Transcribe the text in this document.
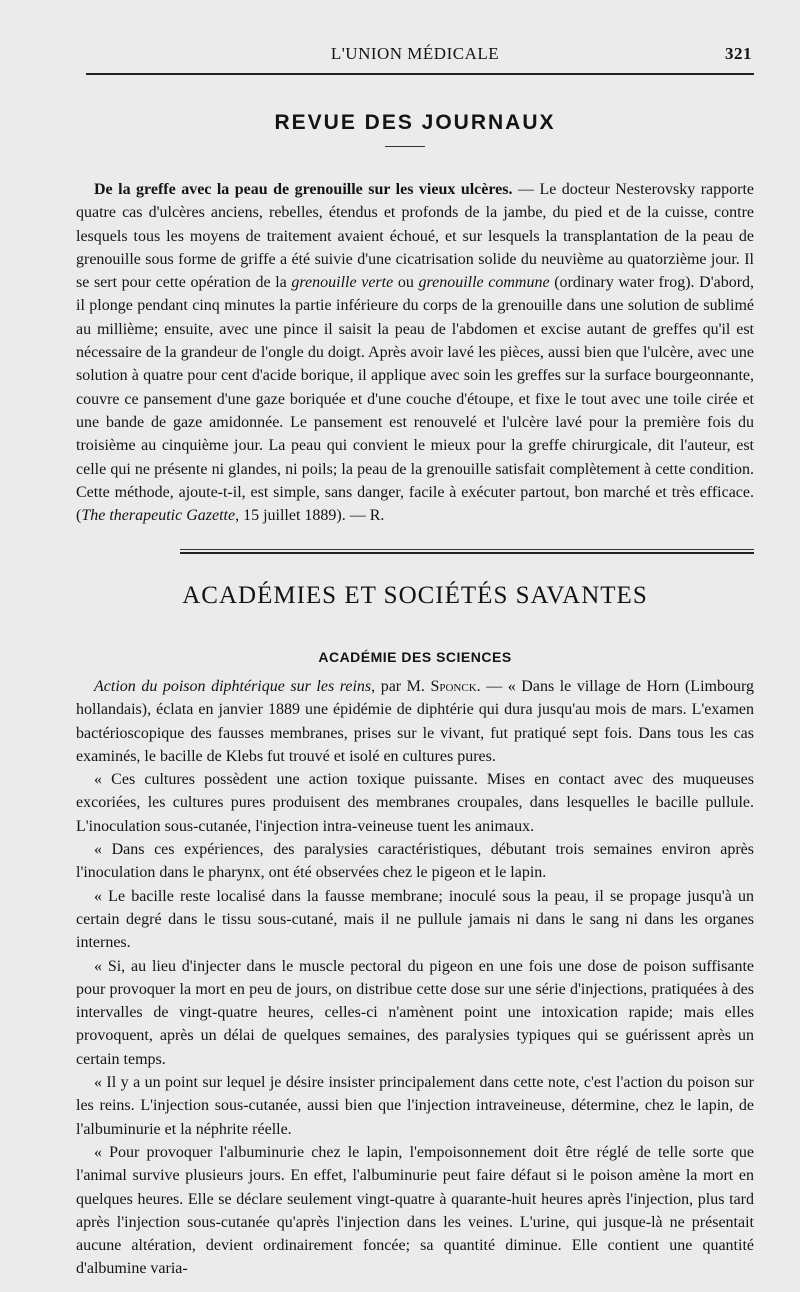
L'UNION MÉDICALE	321
REVUE DES JOURNAUX

De la greffe avec la peau de grenouille sur les vieux ulcères. — Le docteur Nesterovsky rapporte quatre cas d'ulcères anciens, rebelles, étendus et profonds de la jambe, du pied et de la cuisse, contre lesquels tous les moyens de traitement avaient échoué, et sur lesquels la transplantation de la peau de grenouille sous forme de griffe a été suivie d'une cicatrisation solide du neuvième au quatorzième jour. Il se sert pour cette opération de la grenouille verte ou grenouille commune (ordinary water frog). D'abord, il plonge pendant cinq minutes la partie inférieure du corps de la grenouille dans une solution de sublimé au millième; ensuite, avec une pince il saisit la peau de l'abdomen et excise autant de greffes qu'il est nécessaire de la grandeur de l'ongle du doigt. Après avoir lavé les pièces, aussi bien que l'ulcère, avec une solution à quatre pour cent d'acide borique, il applique avec soin les greffes sur la surface bourgeonnante, couvre ce pansement d'une gaze boriquée et d'une couche d'étoupe, et fixe le tout avec une toile cirée et une bande de gaze amidonnée. Le pansement est renouvelé et l'ulcère lavé pour la première fois du troisième au cinquième jour. La peau qui convient le mieux pour la greffe chirurgicale, dit l'auteur, est celle qui ne présente ni glandes, ni poils; la peau de la grenouille satisfait complètement à cette condition. Cette méthode, ajoute-t-il, est simple, sans danger, facile à exécuter partout, bon marché et très efficace. (The therapeutic Gazette, 15 juillet 1889). — R.

ACADÉMIES ET SOCIÉTÉS SAVANTES
ACADÉMIE DES SCIENCES

Action du poison diphtérique sur les reins, par M. Sponck. — « Dans le village de Horn (Limbourg hollandais), éclata en janvier 1889 une épidémie de diphtérie qui dura jusqu'au mois de mars. L'examen bactérioscopique des fausses membranes, prises sur le vivant, fut pratiqué sept fois. Dans tous les cas examinés, le bacille de Klebs fut trouvé et isolé en cultures pures.

« Ces cultures possèdent une action toxique puissante. Mises en contact avec des muqueuses excoriées, les cultures pures produisent des membranes croupales, dans lesquelles le bacille pullule. L'inoculation sous-cutanée, l'injection intra-veineuse tuent les animaux.

« Dans ces expériences, des paralysies caractéristiques, débutant trois semaines environ après l'inoculation dans le pharynx, ont été observées chez le pigeon et le lapin.

« Le bacille reste localisé dans la fausse membrane; inoculé sous la peau, il se propage jusqu'à un certain degré dans le tissu sous-cutané, mais il ne pullule jamais ni dans le sang ni dans les organes internes.

« Si, au lieu d'injecter dans le muscle pectoral du pigeon en une fois une dose de poison suffisante pour provoquer la mort en peu de jours, on distribue cette dose sur une série d'injections, pratiquées à des intervalles de vingt-quatre heures, celles-ci n'amènent point une intoxication rapide; mais elles provoquent, après un délai de quelques semaines, des paralysies typiques qui se guérissent après un certain temps.

« Il y a un point sur lequel je désire insister principalement dans cette note, c'est l'action du poison sur les reins. L'injection sous-cutanée, aussi bien que l'injection intraveineuse, détermine, chez le lapin, de l'albuminurie et la néphrite réelle.

« Pour provoquer l'albuminurie chez le lapin, l'empoisonnement doit être réglé de telle sorte que l'animal survive plusieurs jours. En effet, l'albuminurie peut faire défaut si le poison amène la mort en quelques heures. Elle se déclare seulement vingt-quatre à quarante-huit heures après l'injection, plus tard après l'injection sous-cutanée qu'après l'injection dans les veines. L'urine, qui jusque-là ne présentait aucune altération, devient ordinairement foncée; sa quantité diminue. Elle contient une quantité d'albumine varia-
